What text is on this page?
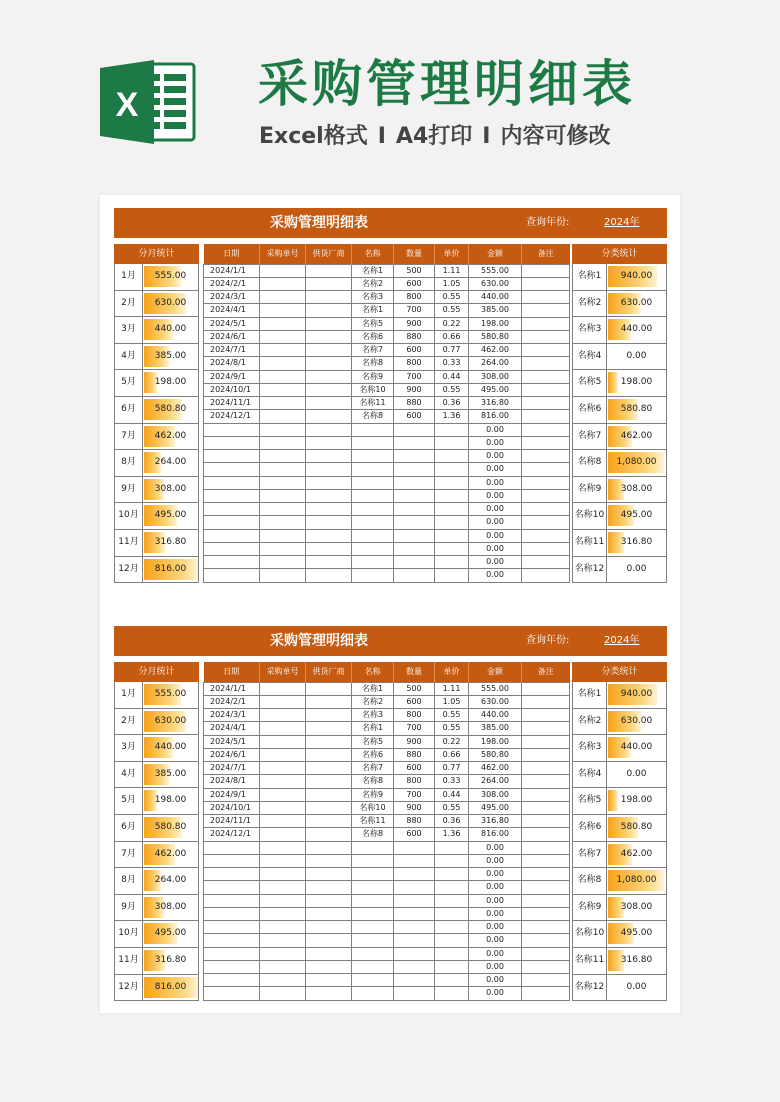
X 采购管理明细表
Excel格式 I A4打印 I 内容可修改
采购管理明细表	查询年份:	2024年
分月统计
1月	555.00
2月	630.00
3月	440.00
4月	385.00
5月	198.00
6月	580.80
7月	462.00
8月	264.00
9月	308.00
10月	495.00
11月	316.80
12月	816.00
日期	采购单号	供货厂商	名称	数量	单价	金额	备注
2024/1/1			名称1	500	1.11	555.00	
2024/2/1			名称2	600	1.05	630.00	
2024/3/1			名称3	800	0.55	440.00	
2024/4/1			名称1	700	0.55	385.00	
2024/5/1			名称5	900	0.22	198.00	
2024/6/1			名称6	880	0.66	580.80	
2024/7/1			名称7	600	0.77	462.00	
2024/8/1			名称8	800	0.33	264.00	
2024/9/1			名称9	700	0.44	308.00	
2024/10/1			名称10	900	0.55	495.00	
2024/11/1			名称11	880	0.36	316.80	
2024/12/1			名称8	600	1.36	816.00	
						0.00	
						0.00	
						0.00	
						0.00	
						0.00	
						0.00	
						0.00	
						0.00	
						0.00	
						0.00	
						0.00	
						0.00	
分类统计
名称1	940.00
名称2	630.00
名称3	440.00
名称4	0.00
名称5	198.00
名称6	580.80
名称7	462.00
名称8	1,080.00
名称9	308.00
名称10	495.00
名称11	316.80
名称12	0.00
采购管理明细表	查询年份:	2024年
分月统计
1月	555.00
2月	630.00
3月	440.00
4月	385.00
5月	198.00
6月	580.80
7月	462.00
8月	264.00
9月	308.00
10月	495.00
11月	316.80
12月	816.00
日期	采购单号	供货厂商	名称	数量	单价	金额	备注
2024/1/1			名称1	500	1.11	555.00	
2024/2/1			名称2	600	1.05	630.00	
2024/3/1			名称3	800	0.55	440.00	
2024/4/1			名称1	700	0.55	385.00	
2024/5/1			名称5	900	0.22	198.00	
2024/6/1			名称6	880	0.66	580.80	
2024/7/1			名称7	600	0.77	462.00	
2024/8/1			名称8	800	0.33	264.00	
2024/9/1			名称9	700	0.44	308.00	
2024/10/1			名称10	900	0.55	495.00	
2024/11/1			名称11	880	0.36	316.80	
2024/12/1			名称8	600	1.36	816.00	
						0.00	
						0.00	
						0.00	
						0.00	
						0.00	
						0.00	
						0.00	
						0.00	
						0.00	
						0.00	
						0.00	
						0.00	
分类统计
名称1	940.00
名称2	630.00
名称3	440.00
名称4	0.00
名称5	198.00
名称6	580.80
名称7	462.00
名称8	1,080.00
名称9	308.00
名称10	495.00
名称11	316.80
名称12	0.00
